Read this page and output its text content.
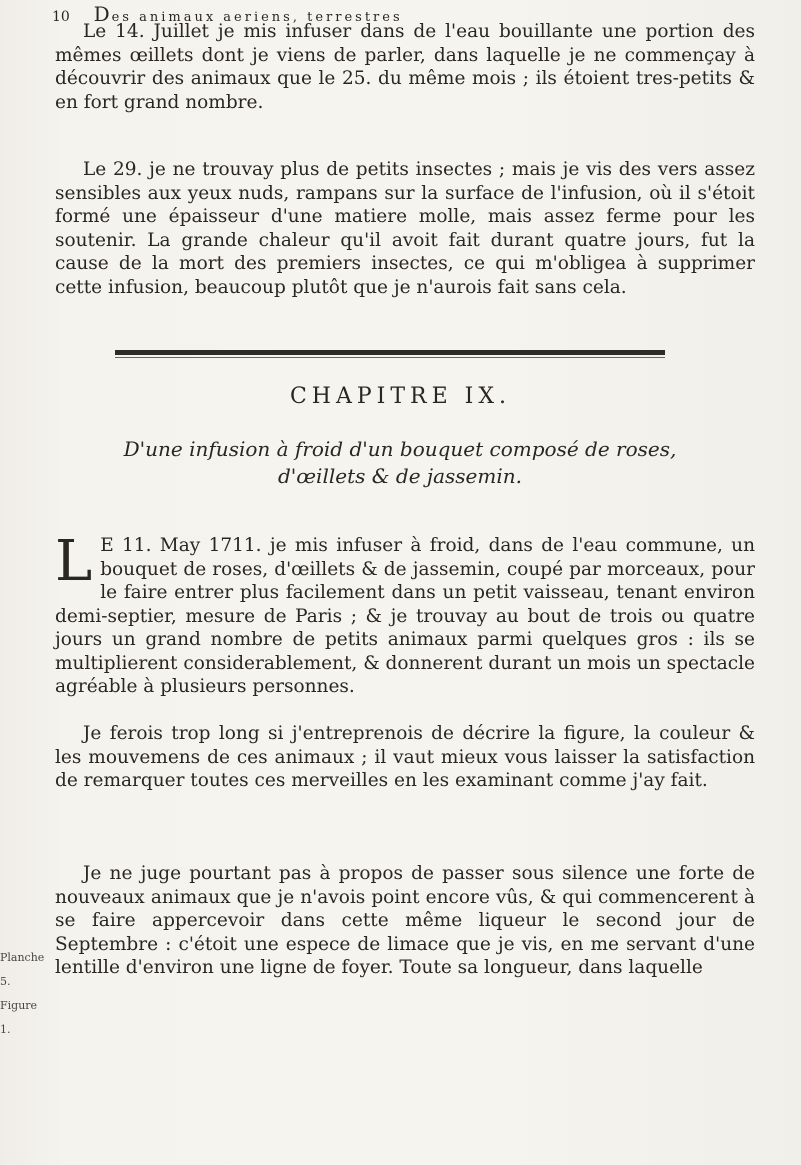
10 Des animaux aeriens, terrestres

Le 14. Juillet je mis infuser dans de l'eau bouillante une portion des mêmes œillets dont je viens de parler, dans laquelle je ne commençay à découvrir des animaux que le 25. du même mois ; ils étoient tres-petits & en fort grand nombre.

Le 29. je ne trouvay plus de petits insectes ; mais je vis des vers assez sensibles aux yeux nuds, rampans sur la surface de l'infusion, où il s'étoit formé une épaisseur d'une matiere molle, mais assez ferme pour les soutenir. La grande chaleur qu'il avoit fait durant quatre jours, fut la cause de la mort des premiers insectes, ce qui m'obligea à supprimer cette infusion, beaucoup plutôt que je n'aurois fait sans cela.

CHAPITRE IX.
D'une infusion à froid d'un bouquet composé de roses,
d'œillets & de jassemin.

L E 11. May 1711. je mis infuser à froid, dans de l'eau commune, un bouquet de roses, d'œillets & de jassemin, coupé par morceaux, pour le faire entrer plus facilement dans un petit vaisseau, tenant environ demi-septier, mesure de Paris ; & je trouvay au bout de trois ou quatre jours un grand nombre de petits animaux parmi quelques gros : ils se multiplierent considerablement, & donnerent durant un mois un spectacle agréable à plusieurs personnes.

Je ferois trop long si j'entreprenois de décrire la figure, la couleur & les mouvemens de ces animaux ; il vaut mieux vous laisser la satisfaction de remarquer toutes ces merveilles en les examinant comme j'ay fait.

Je ne juge pourtant pas à propos de passer sous silence une forte de nouveaux animaux que je n'avois point encore vûs, & qui commencerent à se faire appercevoir dans cette même liqueur le second jour de Septembre : c'étoit une espece de limace que je vis, en me servant d'une lentille d'environ une ligne de foyer. Toute sa longueur, dans laquelle

Planche 5.
Figure 1.
